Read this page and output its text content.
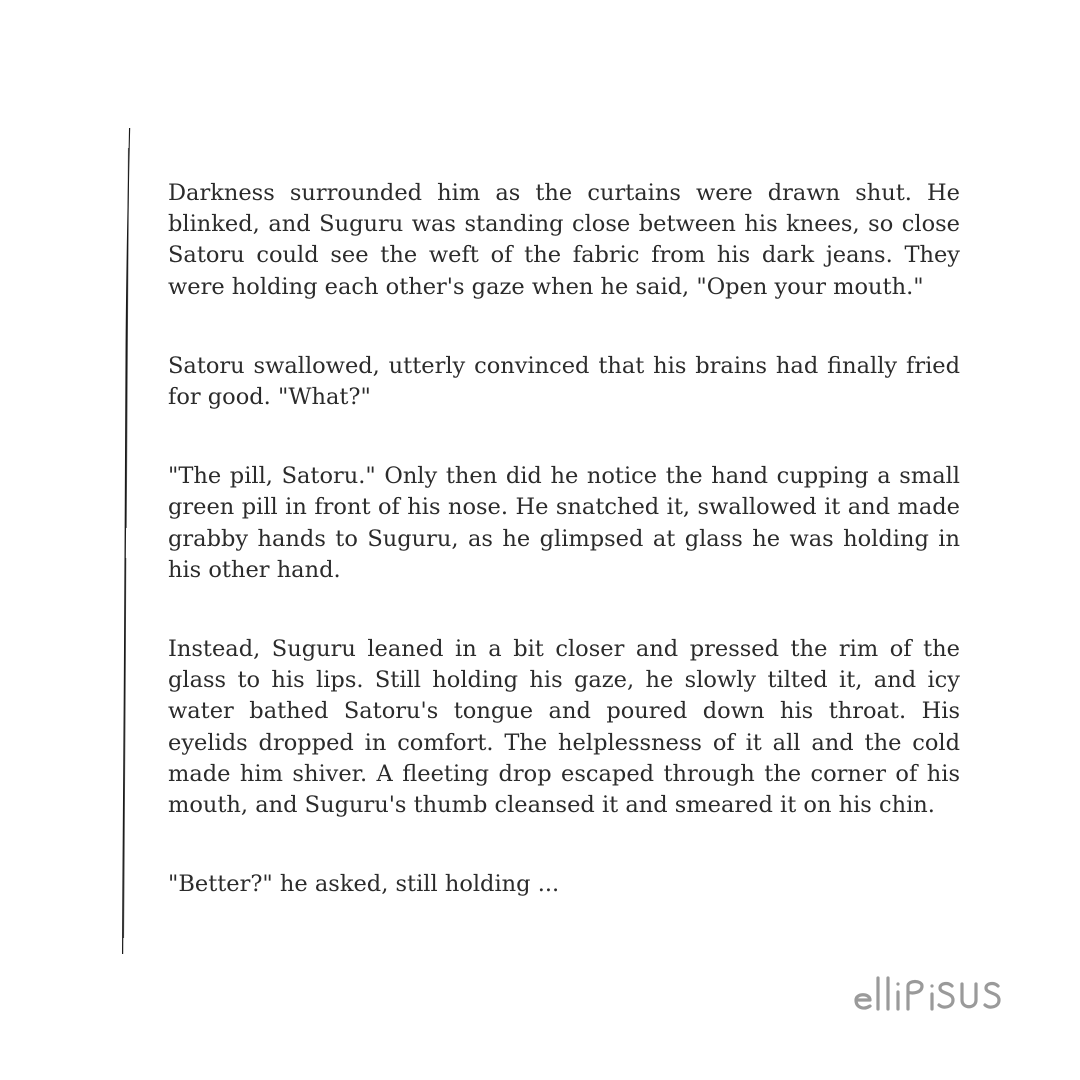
Darkness surrounded him as the curtains were drawn shut. He blinked, and Suguru was standing close between his knees, so close Satoru could see the weft of the fabric from his dark jeans. They were holding each other's gaze when he said, "Open your mouth."

Satoru swallowed, utterly convinced that his brains had finally fried for good. "What?"

"The pill, Satoru." Only then did he notice the hand cupping a small green pill in front of his nose. He snatched it, swallowed it and made grabby hands to Suguru, as he glimpsed at glass he was holding in his other hand.

Instead, Suguru leaned in a bit closer and pressed the rim of the glass to his lips. Still holding his gaze, he slowly tilted it, and icy water bathed Satoru's tongue and poured down his throat. His eyelids dropped in comfort. The helplessness of it all and the cold made him shiver. A fleeting drop escaped through the corner of his mouth, and Suguru's thumb cleansed it and smeared it on his chin.

"Better?" he asked, still holding ...
